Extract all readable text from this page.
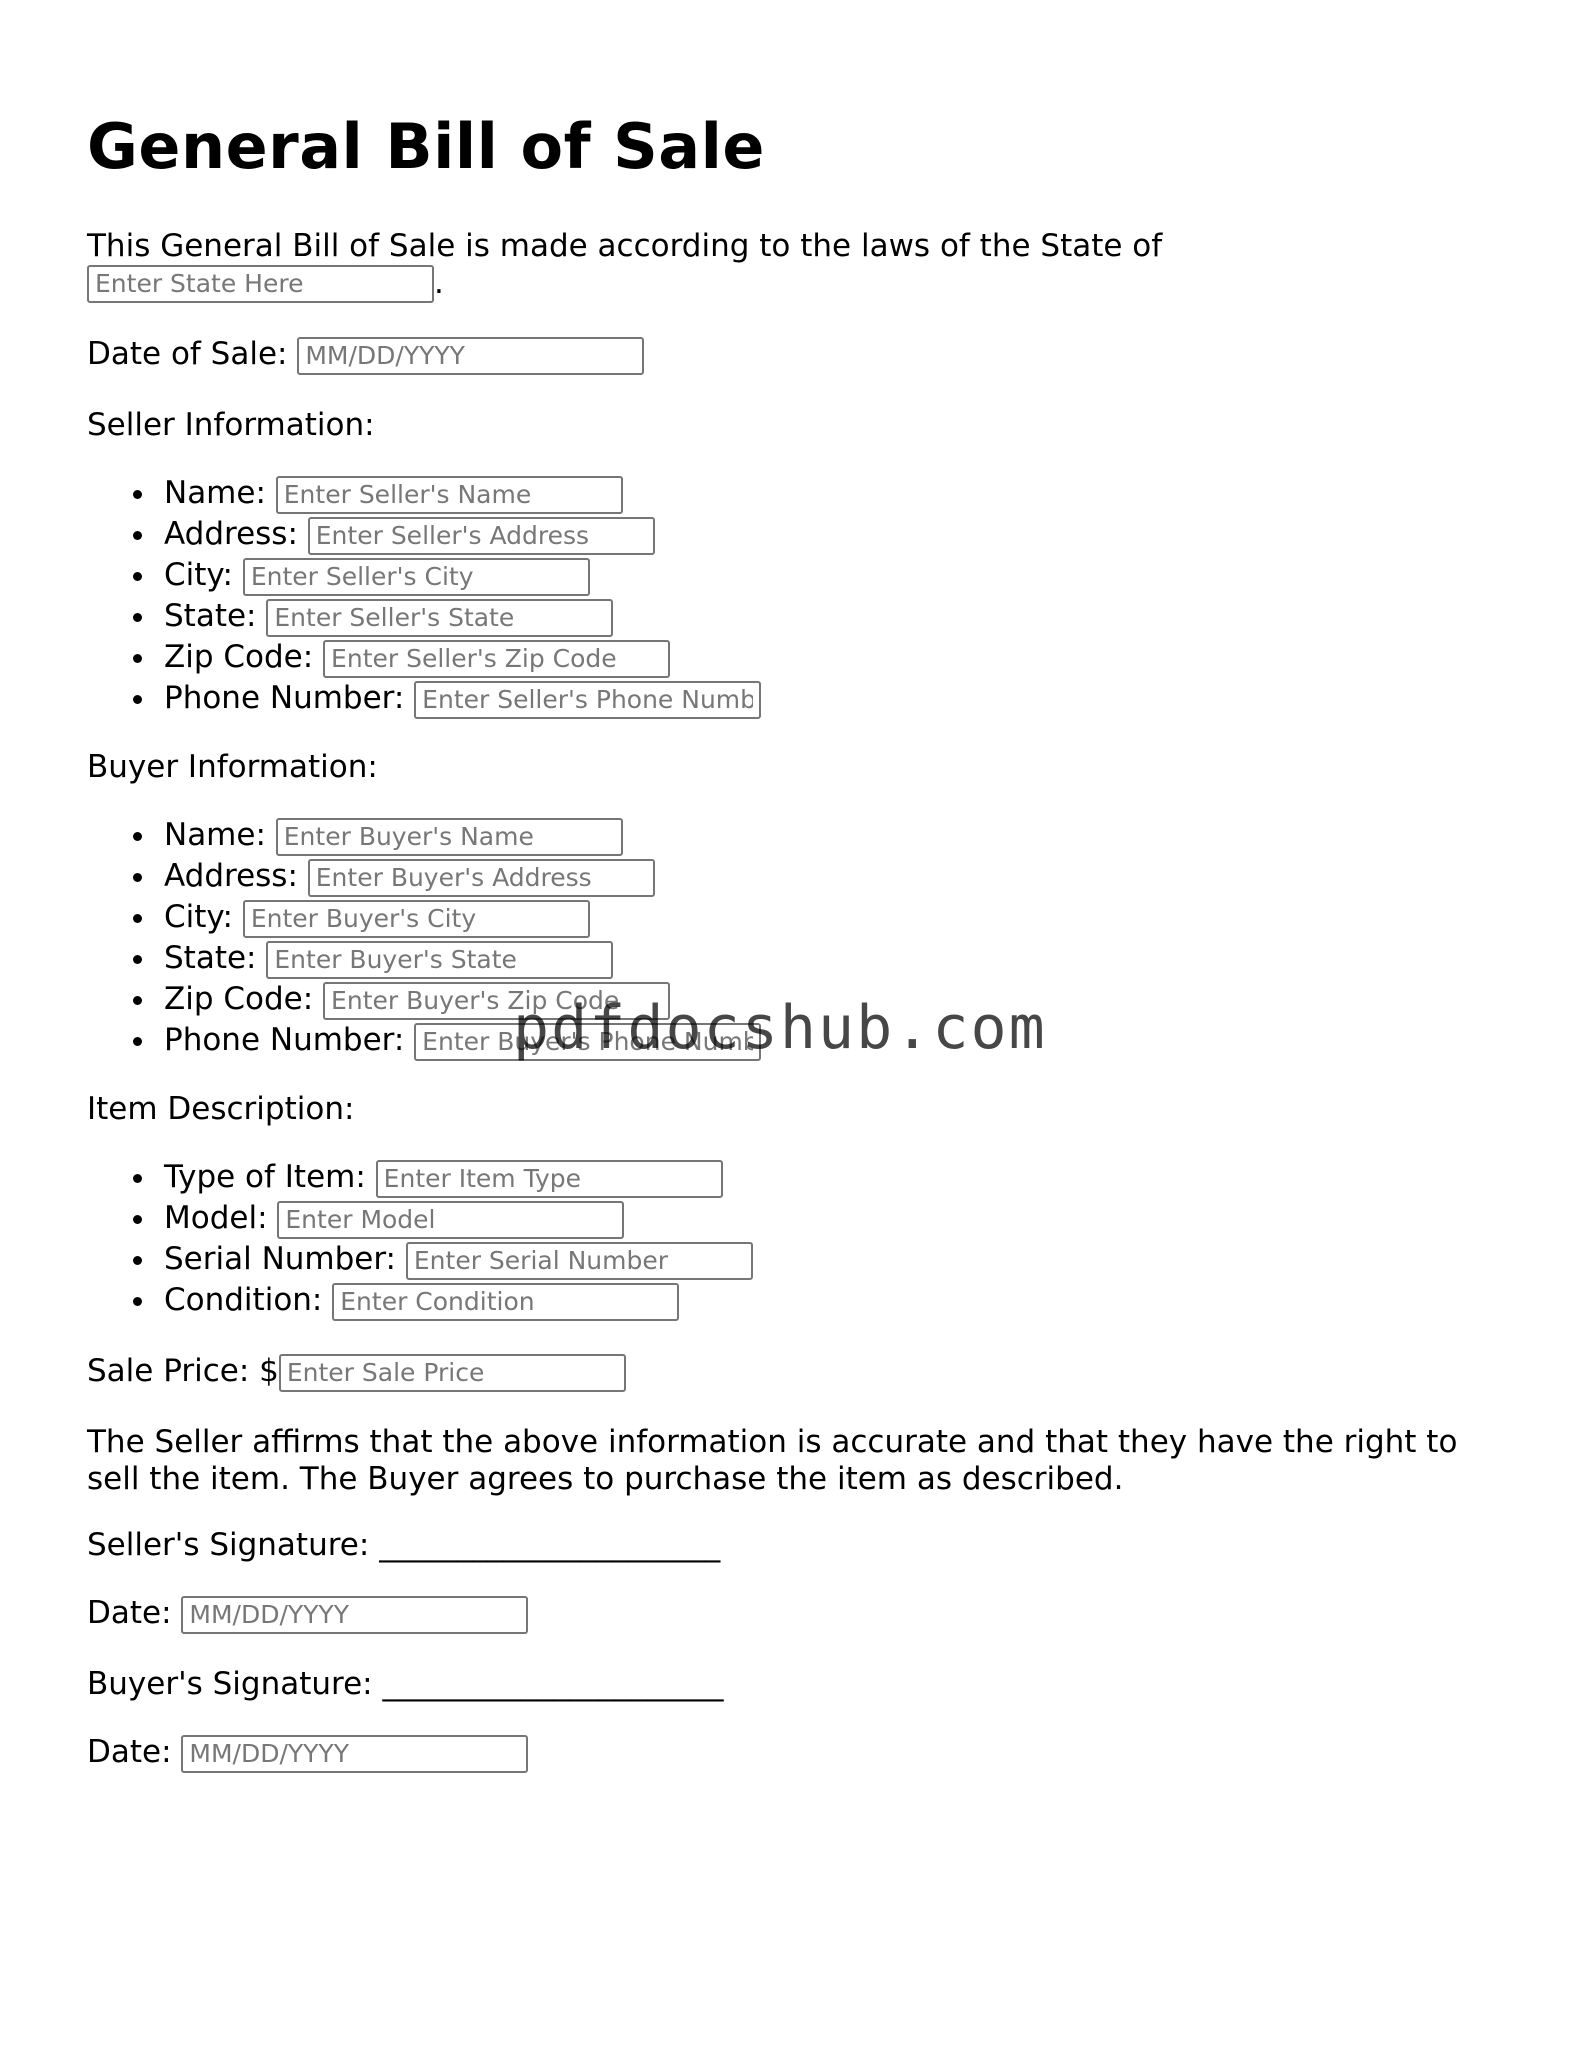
General Bill of Sale
This General Bill of Sale is made according to the laws of the State of
Enter State Here.
Date of Sale: MM/DD/YYYY
Seller Information:
Name: Enter Seller's Name
Address: Enter Seller's Address
City: Enter Seller's City
State: Enter Seller's State
Zip Code: Enter Seller's Zip Code
Phone Number: Enter Seller's Phone Number
Buyer Information:
Name: Enter Buyer's Name
Address: Enter Buyer's Address
City: Enter Buyer's City
State: Enter Buyer's State
Zip Code: Enter Buyer's Zip Code
Phone Number: Enter Buyer's Phone Number
Item Description:
Type of Item: Enter Item Type
Model: Enter Model
Serial Number: Enter Serial Number
Condition: Enter Condition
Sale Price: $Enter Sale Price
The Seller affirms that the above information is accurate and that they have the right to sell the item. The Buyer agrees to purchase the item as described.
Seller's Signature: ______________________
Date: MM/DD/YYYY
Buyer's Signature: ______________________
Date: MM/DD/YYYY
pdfdocshub.com
